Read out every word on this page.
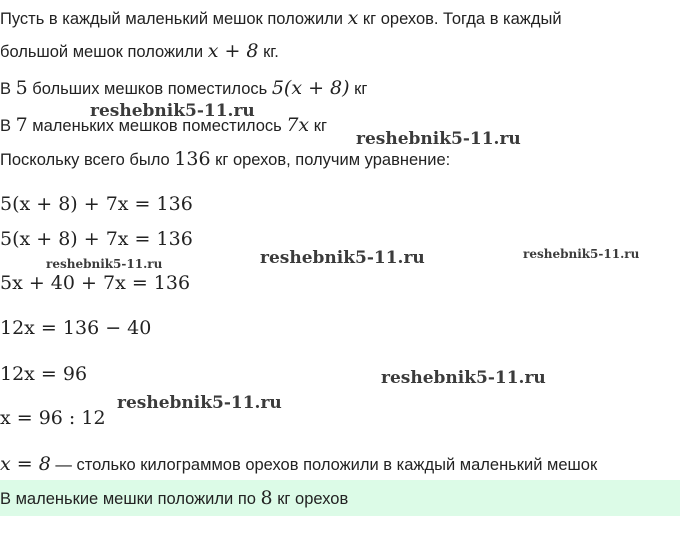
Пусть в каждый маленький мешок положили x кг орехов. Тогда в каждый
большой мешок положили x + 8 кг.
В 5 больших мешков поместилось 5(x + 8) кг
В 7 маленьких мешков поместилось 7x кг
Поскольку всего было 136 кг орехов, получим уравнение:
5(x + 8) + 7x = 136
5(x + 8) + 7x = 136
5x + 40 + 7x = 136
12x = 136 − 40
12x = 96
x = 96 : 12
x = 8 — столько килограммов орехов положили в каждый маленький мешок
В маленькие мешки положили по 8 кг орехов
reshebnik5-11.ru
reshebnik5-11.ru
reshebnik5-11.ru	reshebnik5-11.ru	reshebnik5-11.ru
reshebnik5-11.ru
reshebnik5-11.ru
